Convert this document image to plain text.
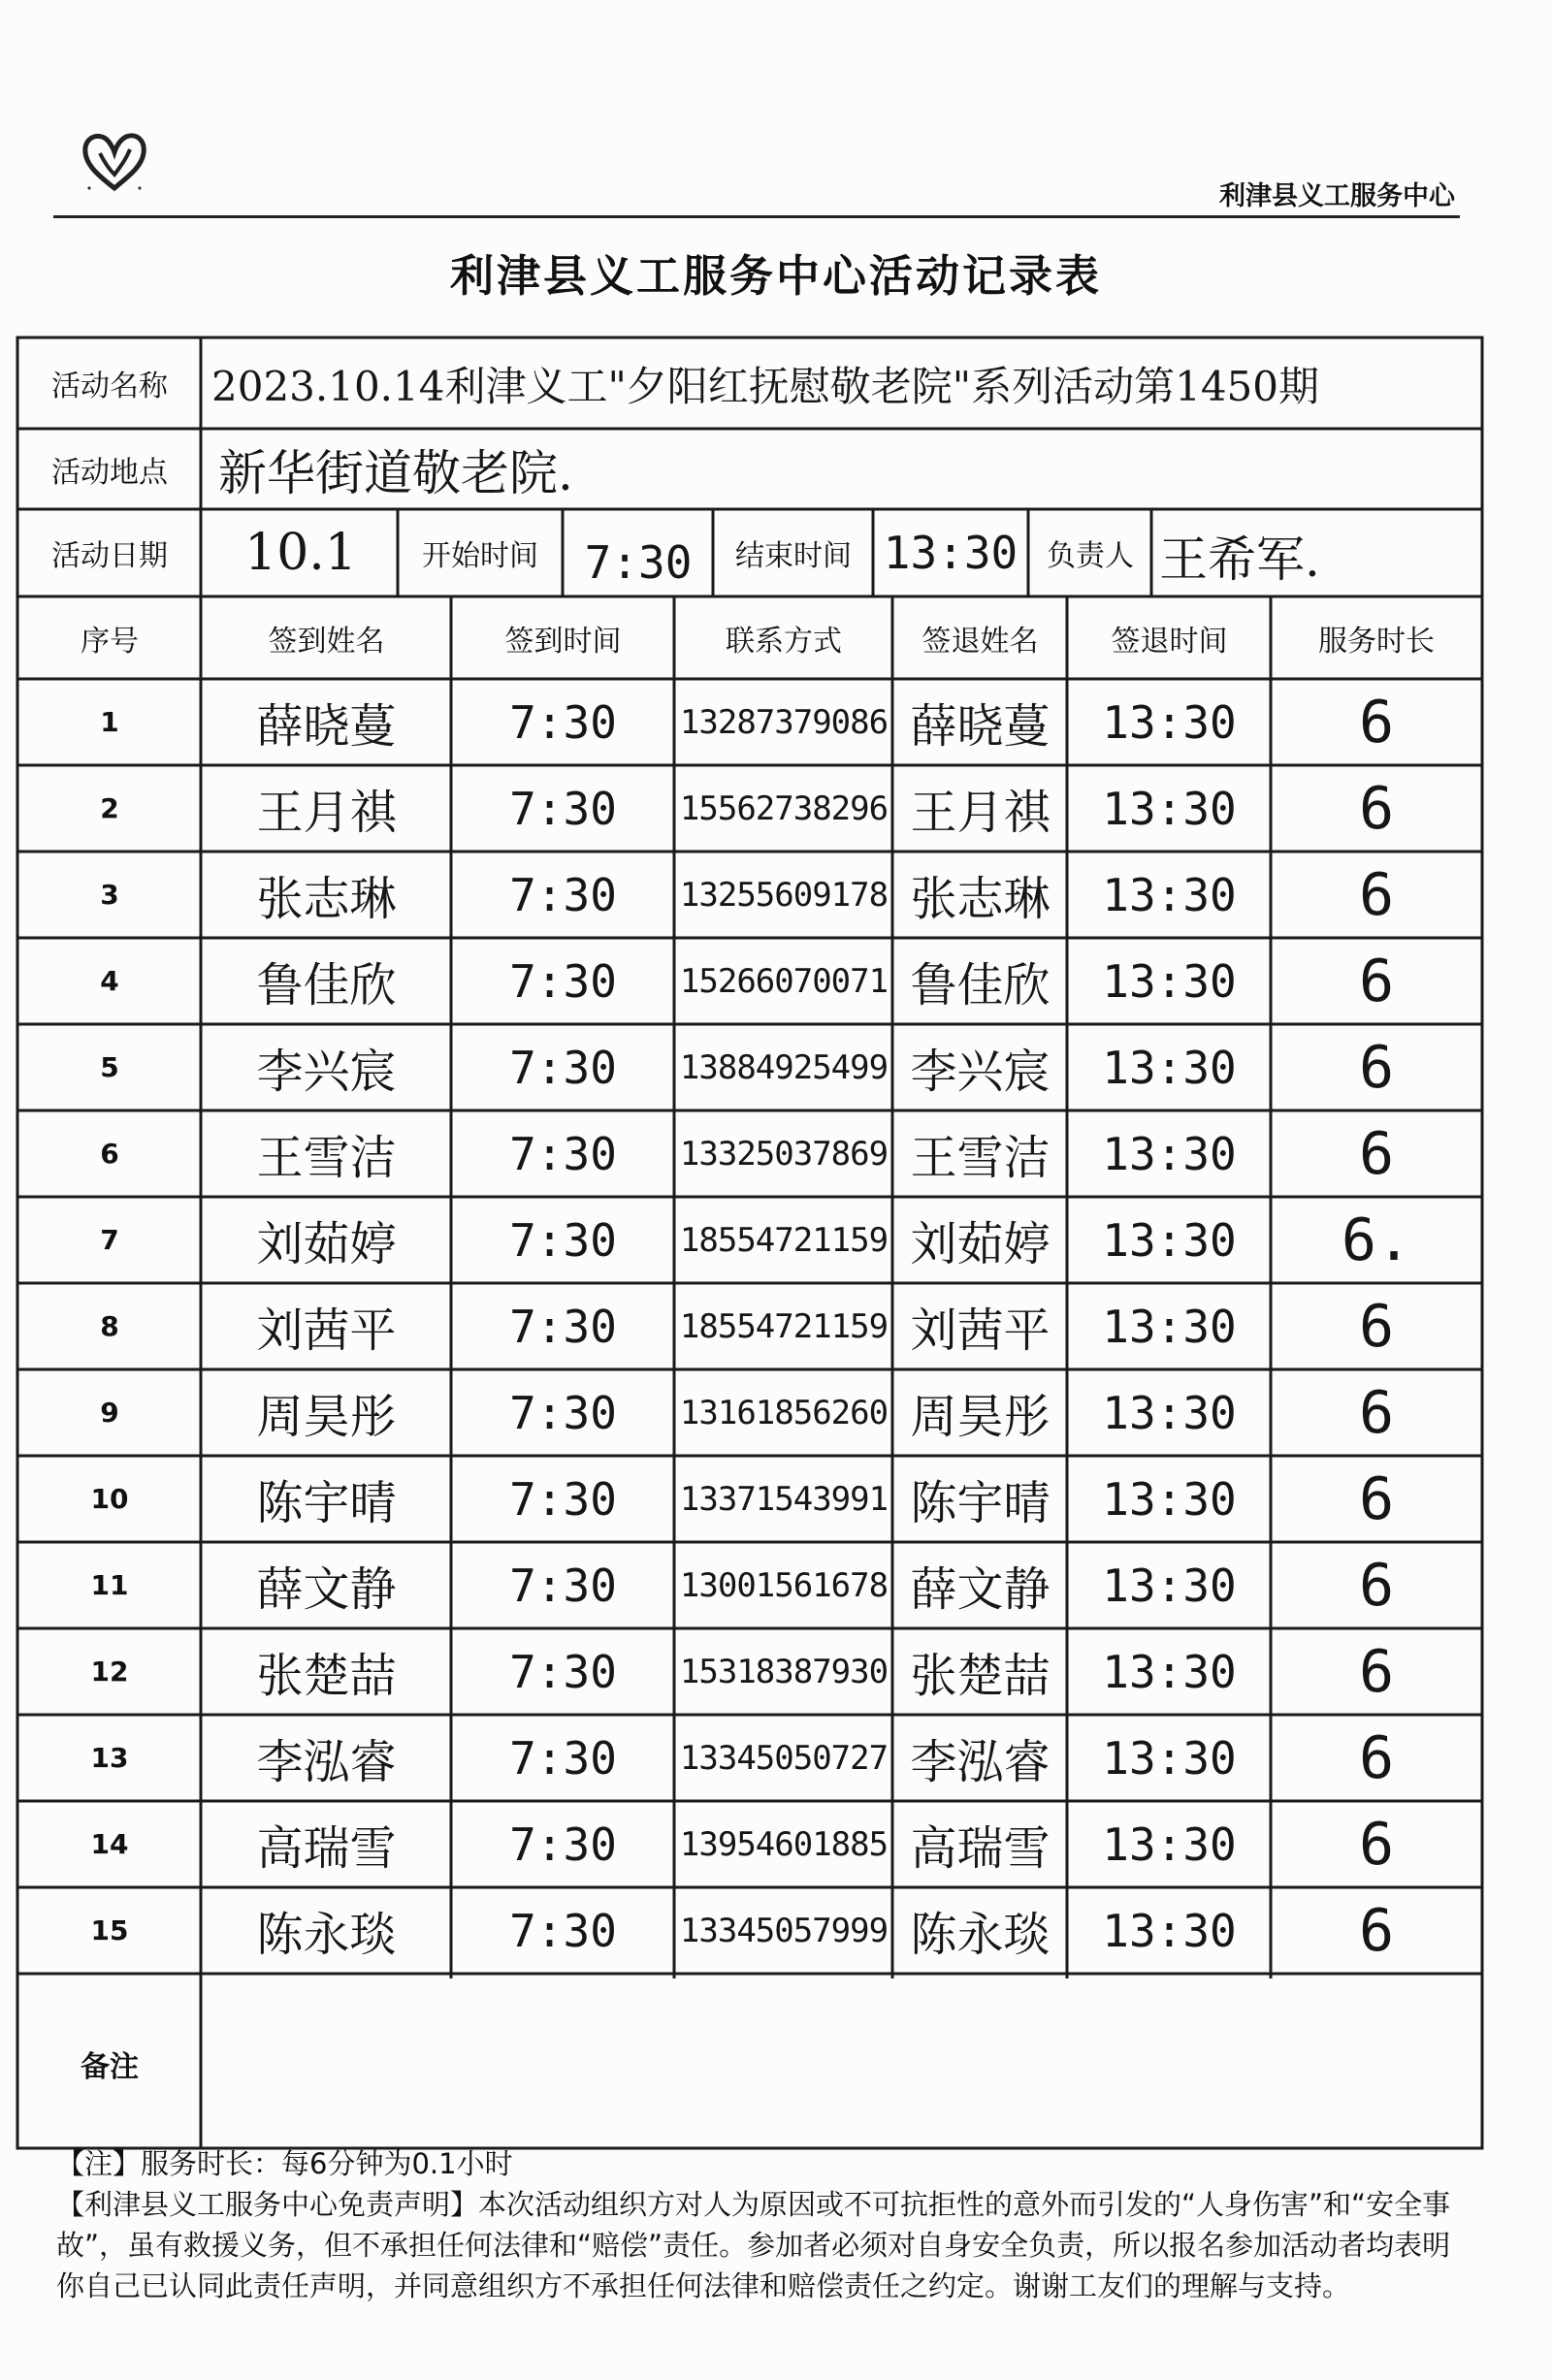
利津县义工服务中心
利津县义工服务中心活动记录表
活动名称	2023.10.14利津义工"夕阳红抚慰敬老院"系列活动第1450期
活动地点	新华街道敬老院.
活动日期	10.1	开始时间	7:30	结束时间 13:30 负责人 王希军.
序号	签到姓名	签到时间	联系方式	签退姓名	签退时间	服务时长
1	薛晓蔓	7:30	13287379086 薛晓蔓	13:30	6
2	王月祺	7:30	15562738296 王月祺	13:30	6
3	张志琳	7:30	13255609178 张志琳	13:30	6
4	鲁佳欣	7:30	15266070071 鲁佳欣	13:30	6
5	李兴宸	7:30	13884925499 李兴宸	13:30	6
6	王雪洁	7:30	13325037869 王雪洁	13:30	6
7	刘茹婷	7:30	18554721159 刘茹婷	13:30	6.
8	刘茜平	7:30	18554721159 刘茜平	13:30	6
9	周昊彤	7:30	13161856260 周昊彤	13:30	6
10	陈宇晴	7:30	13371543991 陈宇晴	13:30	6
11	薛文静	7:30	13001561678 薛文静	13:30	6
12	张楚喆	7:30	15318387930 张楚喆	13:30	6
13	李泓睿	7:30	13345050727 李泓睿	13:30	6
14	高瑞雪	7:30	13954601885 高瑞雪	13:30	6
15	陈永琰	7:30	13345057999 陈永琰	13:30	6
备注

【注】服务时长：每6分钟为0.1小时

【利津县义工服务中心免责声明】本次活动组织方对人为原因或不可抗拒性的意外而引发的“人身伤害”和“安全事故”，虽有救援义务，但不承担任何法律和“赔偿”责任。参加者必须对自身安全负责，所以报名参加活动者均表明你自己已认同此责任声明，并同意组织方不承担任何法律和赔偿责任之约定。谢谢工友们的理解与支持。
